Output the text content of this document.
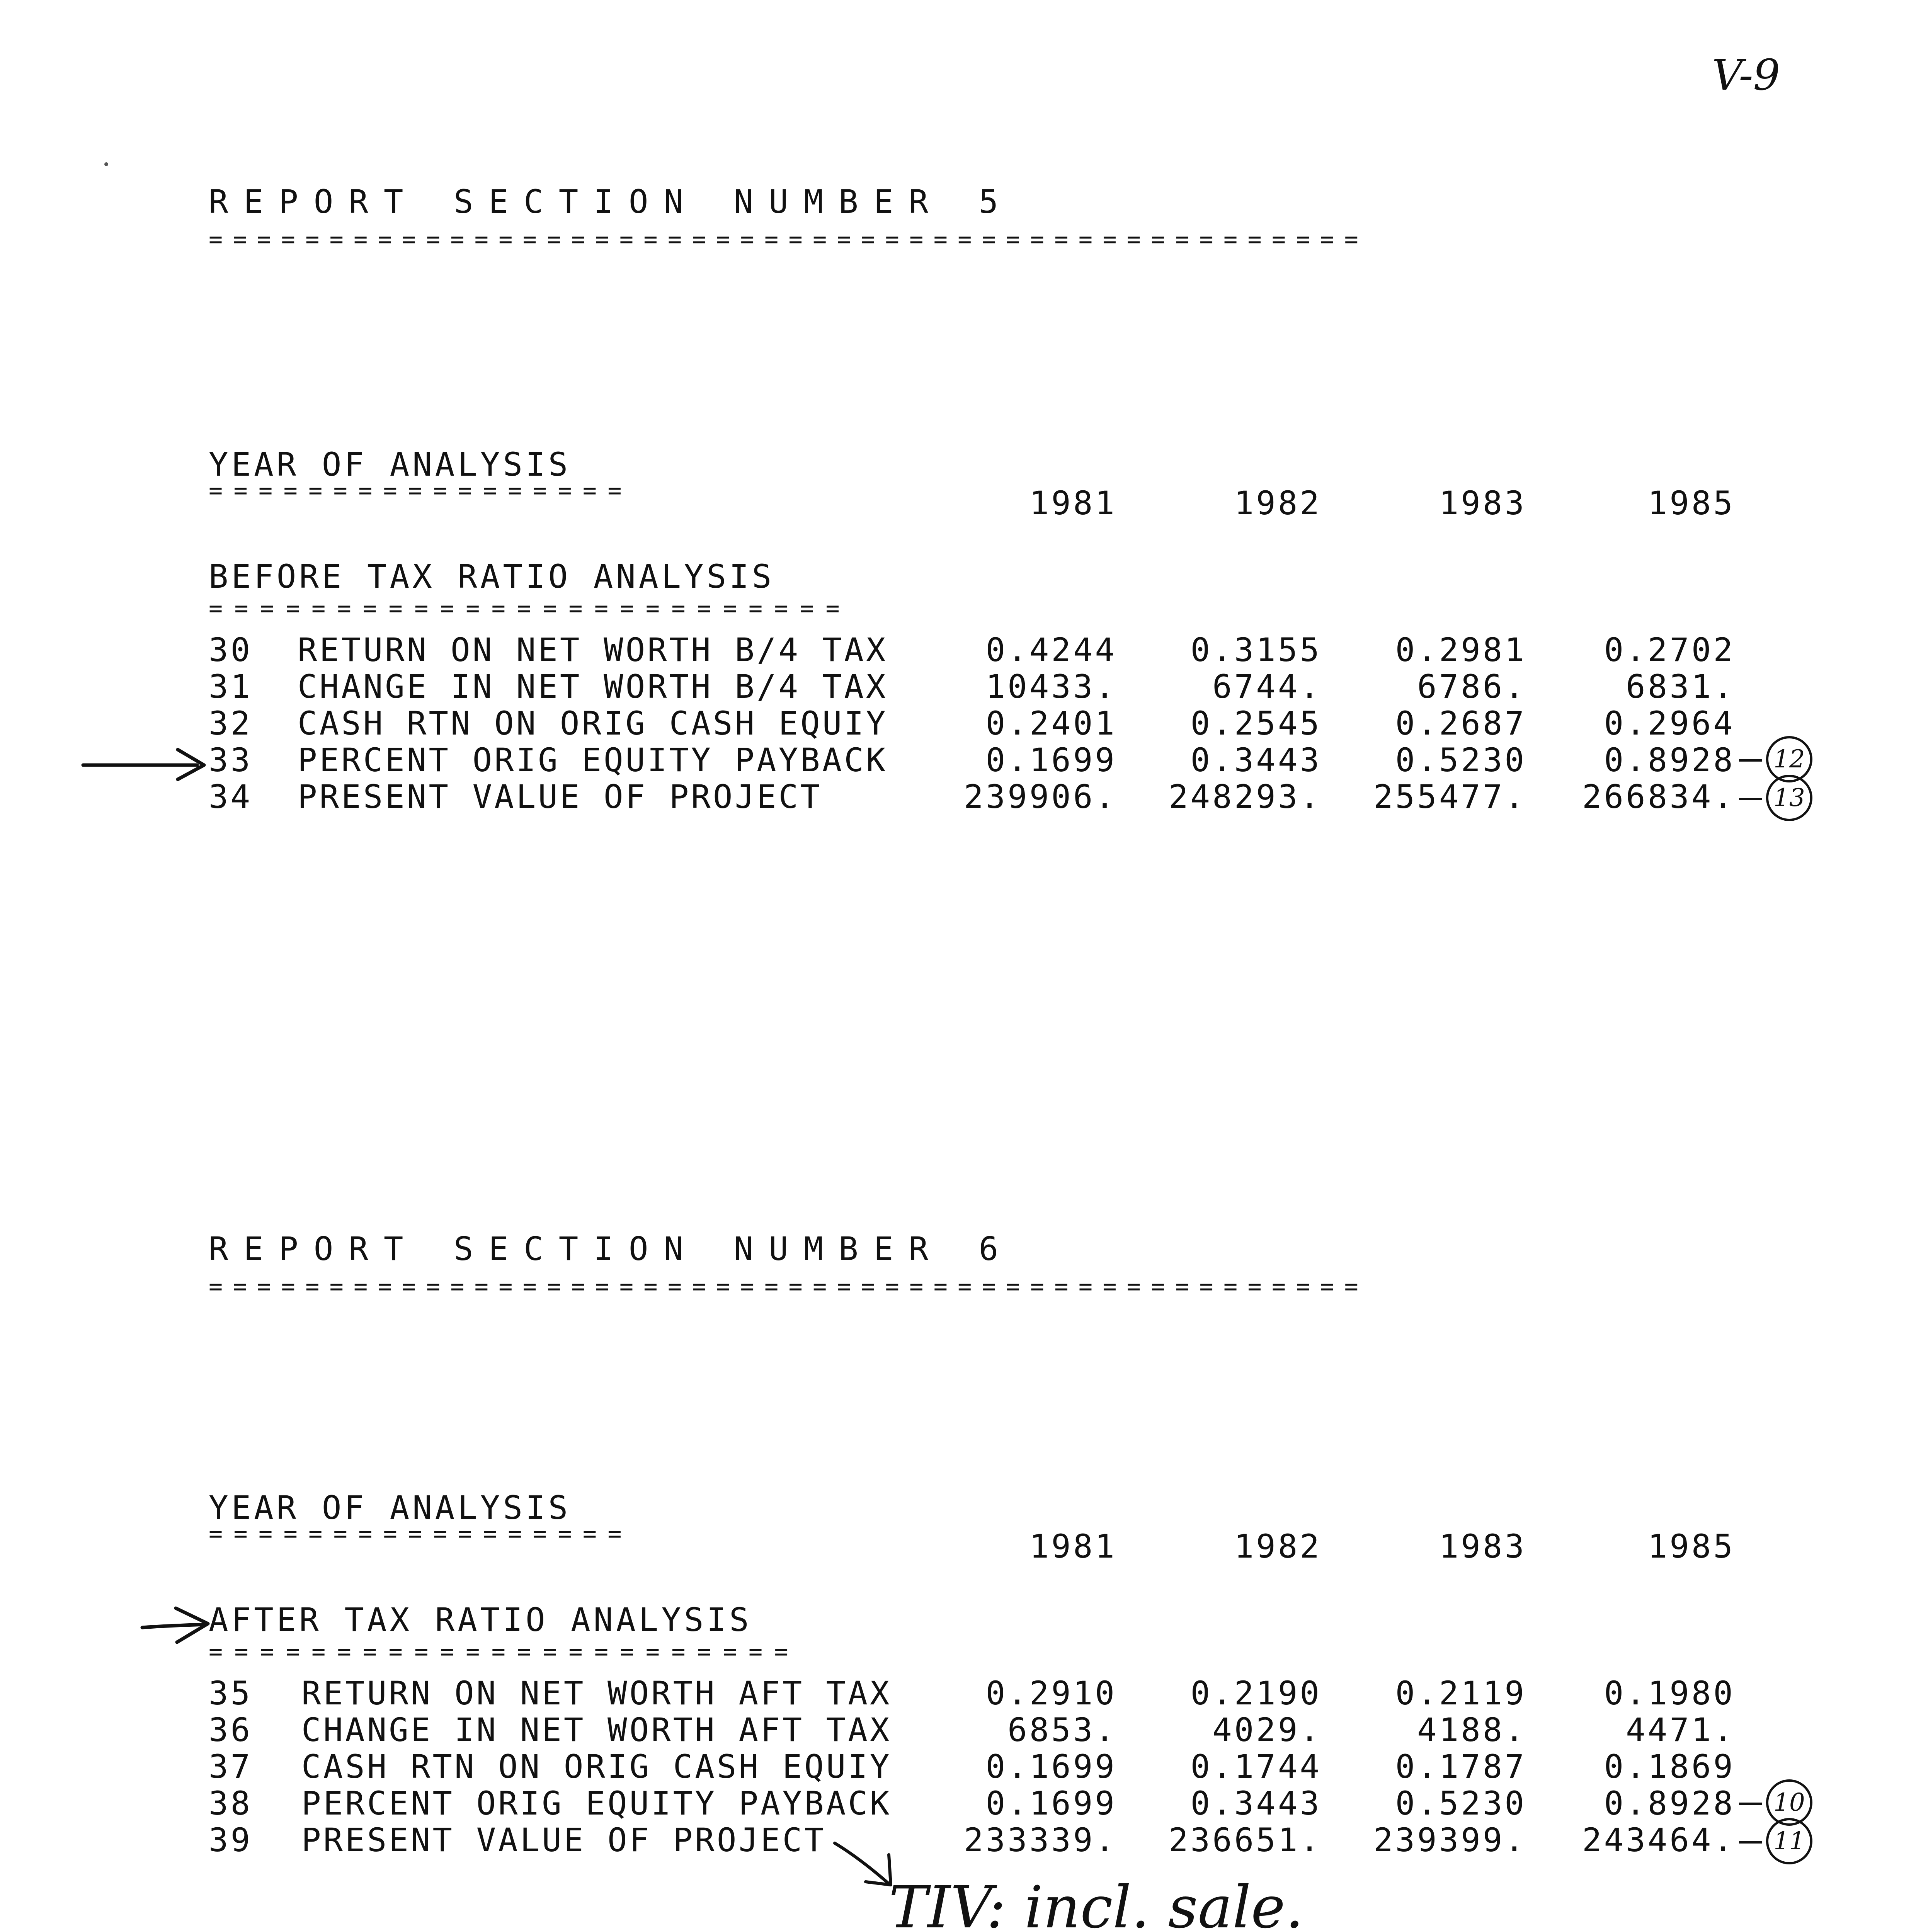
V-9
REPORT SECTION NUMBER 5
================================================
YEAR OF ANALYSIS
=================	1981	1982	1983	1985
BEFORE TAX RATIO ANALYSIS
=========================
30 RETURN ON NET WORTH B/4 TAX	0.4244	0.3155	0.2981	0.2702
31 CHANGE IN NET WORTH B/4 TAX	10433.	6744.	6786.	6831.
32 CASH RTN ON ORIG CASH EQUIY	0.2401	0.2545	0.2687	0.2964
33 PERCENT ORIG EQUITY PAYBACK	0.1699	0.3443	0.5230	0.8928
34 PRESENT VALUE OF PROJECT	239906.	248293.	255477.	266834.
12
13
REPORT SECTION NUMBER 6
================================================
YEAR OF ANALYSIS
=================	1981	1982	1983	1985
AFTER TAX RATIO ANALYSIS
=======================
35 RETURN ON NET WORTH AFT TAX	0.2910	0.2190	0.2119	0.1980
36 CHANGE IN NET WORTH AFT TAX	6853.	4029.	4188.	4471.
37 CASH RTN ON ORIG CASH EQUIY	0.1699	0.1744	0.1787	0.1869
38 PERCENT ORIG EQUITY PAYBACK	0.1699	0.3443	0.5230	0.8928
39 PRESENT VALUE OF PROJECT	233339.	236651.	239399.	243464.
10
11
TIV: incl. sale.
